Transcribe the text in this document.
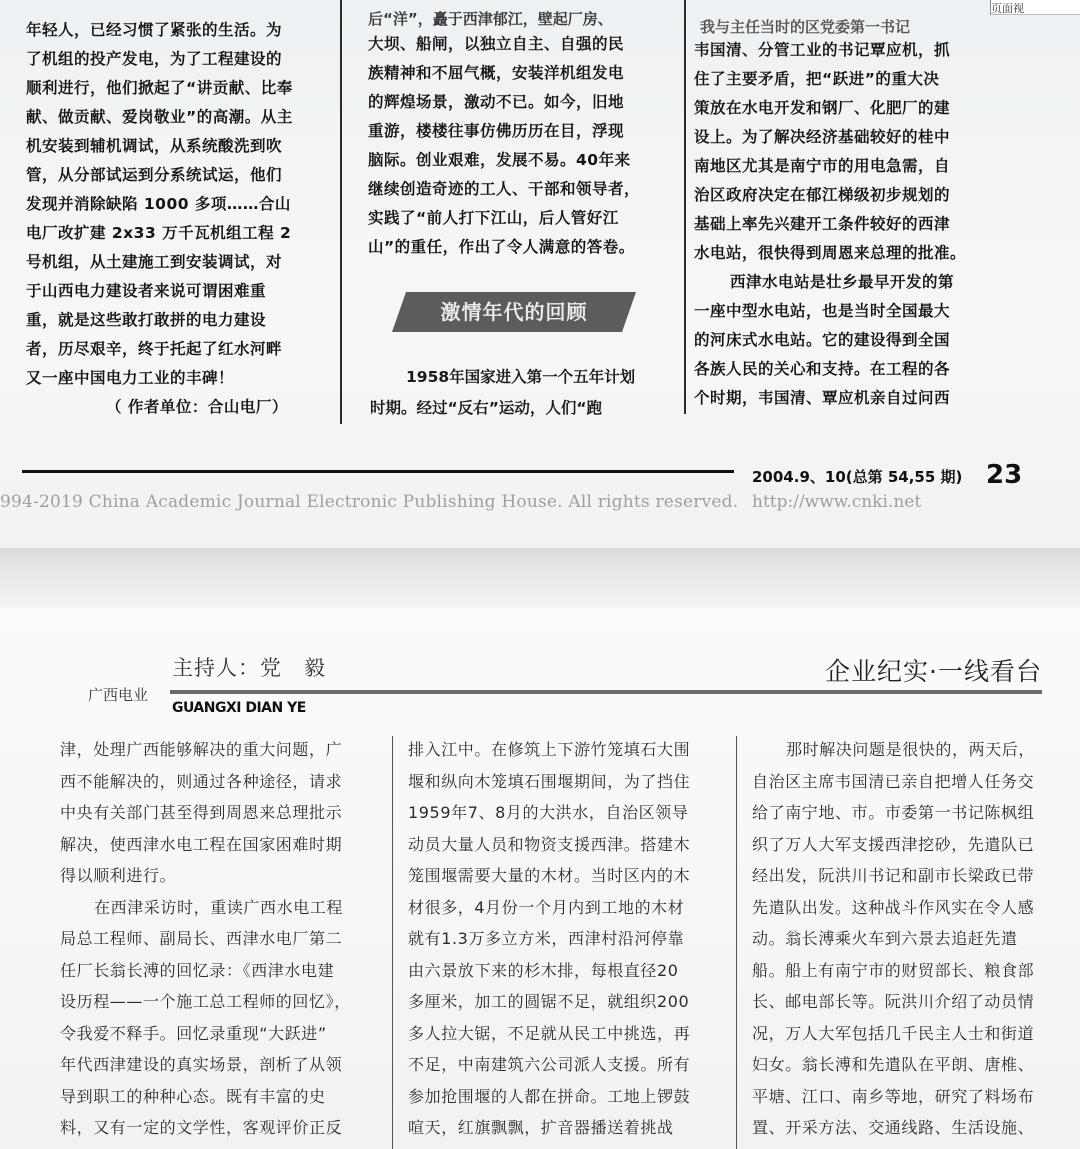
页面视
年轻人，已经习惯了紧张的生活。为
了机组的投产发电，为了工程建设的
顺利进行，他们掀起了“讲贡献、比奉
献、做贡献、爱岗敬业”的高潮。从主
机安装到辅机调试，从系统酸洗到吹
管，从分部试运到分系统试运，他们
发现并消除缺陷 1000 多项……合山
电厂改扩建 2x33 万千瓦机组工程 2
号机组，从土建施工到安装调试，对
于山西电力建设者来说可谓困难重
重，就是这些敢打敢拼的电力建设
者，历尽艰辛，终于托起了红水河畔
又一座中国电力工业的丰碑！
（ 作者单位：合山电厂）
后“洋”，矗于西津郁江，壁起厂房、
大坝、船闸，以独立自主、自强的民
族精神和不屈气概，安装洋机组发电
的辉煌场景，激动不已。如今，旧地
重游，楼楼往事仿佛历历在目，浮现
脑际。创业艰难，发展不易。40年来
继续创造奇迹的工人、干部和领导者，
实践了“前人打下江山，后人管好江
山”的重任，作出了令人满意的答卷。
激情年代的回顾
1958年国家进入第一个五年计划
时期。经过“反右”运动，人们“跑
我与主任当时的区党委第一书记
韦国清、分管工业的书记覃应机，抓
住了主要矛盾，把“跃进”的重大决
策放在水电开发和钢厂、化肥厂的建
设上。为了解决经济基础较好的桂中
南地区尤其是南宁市的用电急需，自
治区政府决定在郁江梯级初步规划的
基础上率先兴建开工条件较好的西津
水电站，很快得到周恩来总理的批准。
西津水电站是壮乡最早开发的第
一座中型水电站，也是当时全国最大
的河床式水电站。它的建设得到全国
各族人民的关心和支持。在工程的各
个时期，韦国清、覃应机亲自过问西
2004.9、10(总第 54,55 期) 23
994-2019 China Academic Journal Electronic Publishing House. All rights reserved. http://www.cnki.net
主持人：党　毅	企业纪实·一线看台
广西电业
GUANGXI DIAN YE
津，处理广西能够解决的重大问题，广
西不能解决的，则通过各种途径，请求
中央有关部门甚至得到周恩来总理批示
解决，使西津水电工程在国家困难时期
得以顺利进行。
在西津采访时，重读广西水电工程
局总工程师、副局长、西津水电厂第二
任厂长翁长溥的回忆录：《西津水电建
设历程——一个施工总工程师的回忆》，
令我爱不释手。回忆录重现“大跃进”
年代西津建设的真实场景，剖析了从领
导到职工的种种心态。既有丰富的史
料，又有一定的文学性，客观评价正反
排入江中。在修筑上下游竹笼填石大围
堰和纵向木笼填石围堰期间，为了挡住
1959年7、8月的大洪水，自治区领导
动员大量人员和物资支援西津。搭建木
笼围堰需要大量的木材。当时区内的木
材很多，4月份一个月内到工地的木材
就有1.3万多立方米，西津村沿河停靠
由六景放下来的杉木排，每根直径20
多厘米，加工的圆锯不足，就组织200
多人拉大锯，不足就从民工中挑选，再
不足，中南建筑六公司派人支援。所有
参加抢围堰的人都在拼命。工地上锣鼓
喧天，红旗飘飘，扩音器播送着挑战
那时解决问题是很快的，两天后，
自治区主席韦国清已亲自把增人任务交
给了南宁地、市。市委第一书记陈枫组
织了万人大军支援西津挖砂，先遣队已
经出发，阮洪川书记和副市长梁政已带
先遣队出发。这种战斗作风实在令人感
动。翁长溥乘火车到六景去追赶先遣
船。船上有南宁市的财贸部长、粮食部
长、邮电部长等。阮洪川介绍了动员情
况，万人大军包括几千民主人士和街道
妇女。翁长溥和先遣队在平朗、唐椎、
平塘、江口、南乡等地，研究了料场布
置、开采方法、交通线路、生活设施、
